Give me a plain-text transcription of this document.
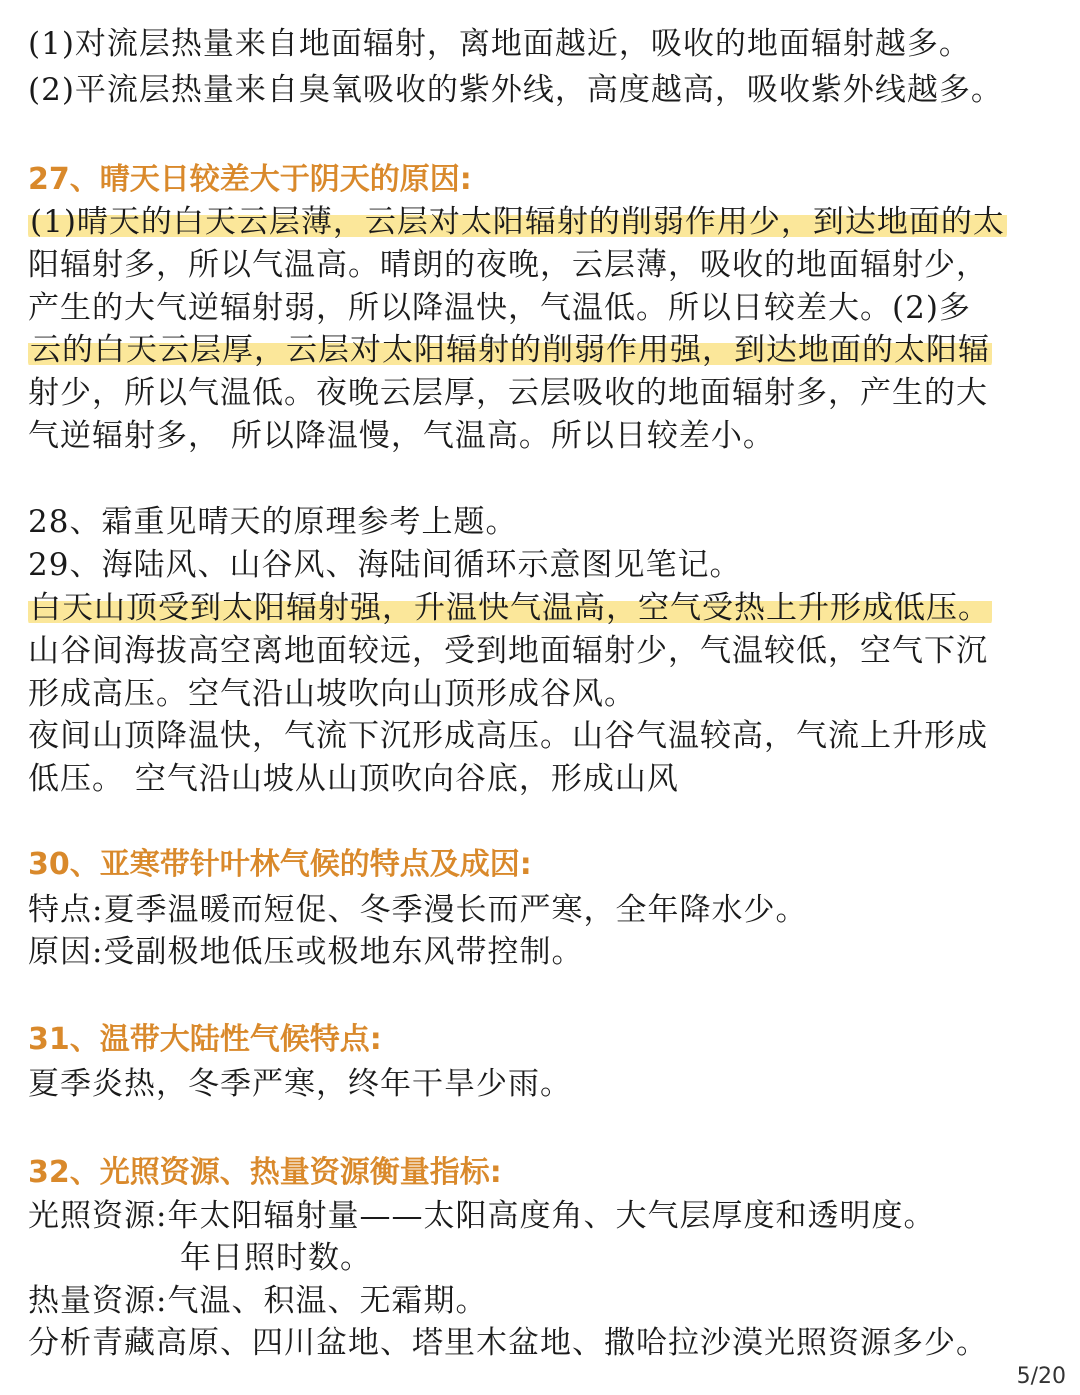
(1)对流层热量来自地面辐射，离地面越近，吸收的地面辐射越多。
(2)平流层热量来自臭氧吸收的紫外线，高度越高，吸收紫外线越多。
27、晴天日较差大于阴天的原因:
(1)晴天的白天云层薄，云层对太阳辐射的削弱作用少，到达地面的太
阳辐射多，所以气温高。晴朗的夜晚，云层薄，吸收的地面辐射少，
产生的大气逆辐射弱，所以降温快，气温低。所以日较差大。(2)多
云的白天云层厚，云层对太阳辐射的削弱作用强，到达地面的太阳辐
射少，所以气温低。夜晚云层厚，云层吸收的地面辐射多，产生的大
气逆辐射多， 所以降温慢，气温高。所以日较差小。
28、霜重见晴天的原理参考上题。
29、海陆风、山谷风、海陆间循环示意图见笔记。
白天山顶受到太阳辐射强，升温快气温高，空气受热上升形成低压。
山谷间海拔高空离地面较远，受到地面辐射少，气温较低，空气下沉
形成高压。空气沿山坡吹向山顶形成谷风。
夜间山顶降温快，气流下沉形成高压。山谷气温较高，气流上升形成
低压。 空气沿山坡从山顶吹向谷底，形成山风
30、亚寒带针叶林气候的特点及成因:
特点:夏季温暖而短促、冬季漫长而严寒，全年降水少。
原因:受副极地低压或极地东风带控制。
31、温带大陆性气候特点:
夏季炎热，冬季严寒，终年干旱少雨。
32、光照资源、热量资源衡量指标:
光照资源:年太阳辐射量——太阳高度角、大气层厚度和透明度。
年日照时数。
热量资源:气温、积温、无霜期。
分析青藏高原、四川盆地、塔里木盆地、撒哈拉沙漠光照资源多少。
5/20
